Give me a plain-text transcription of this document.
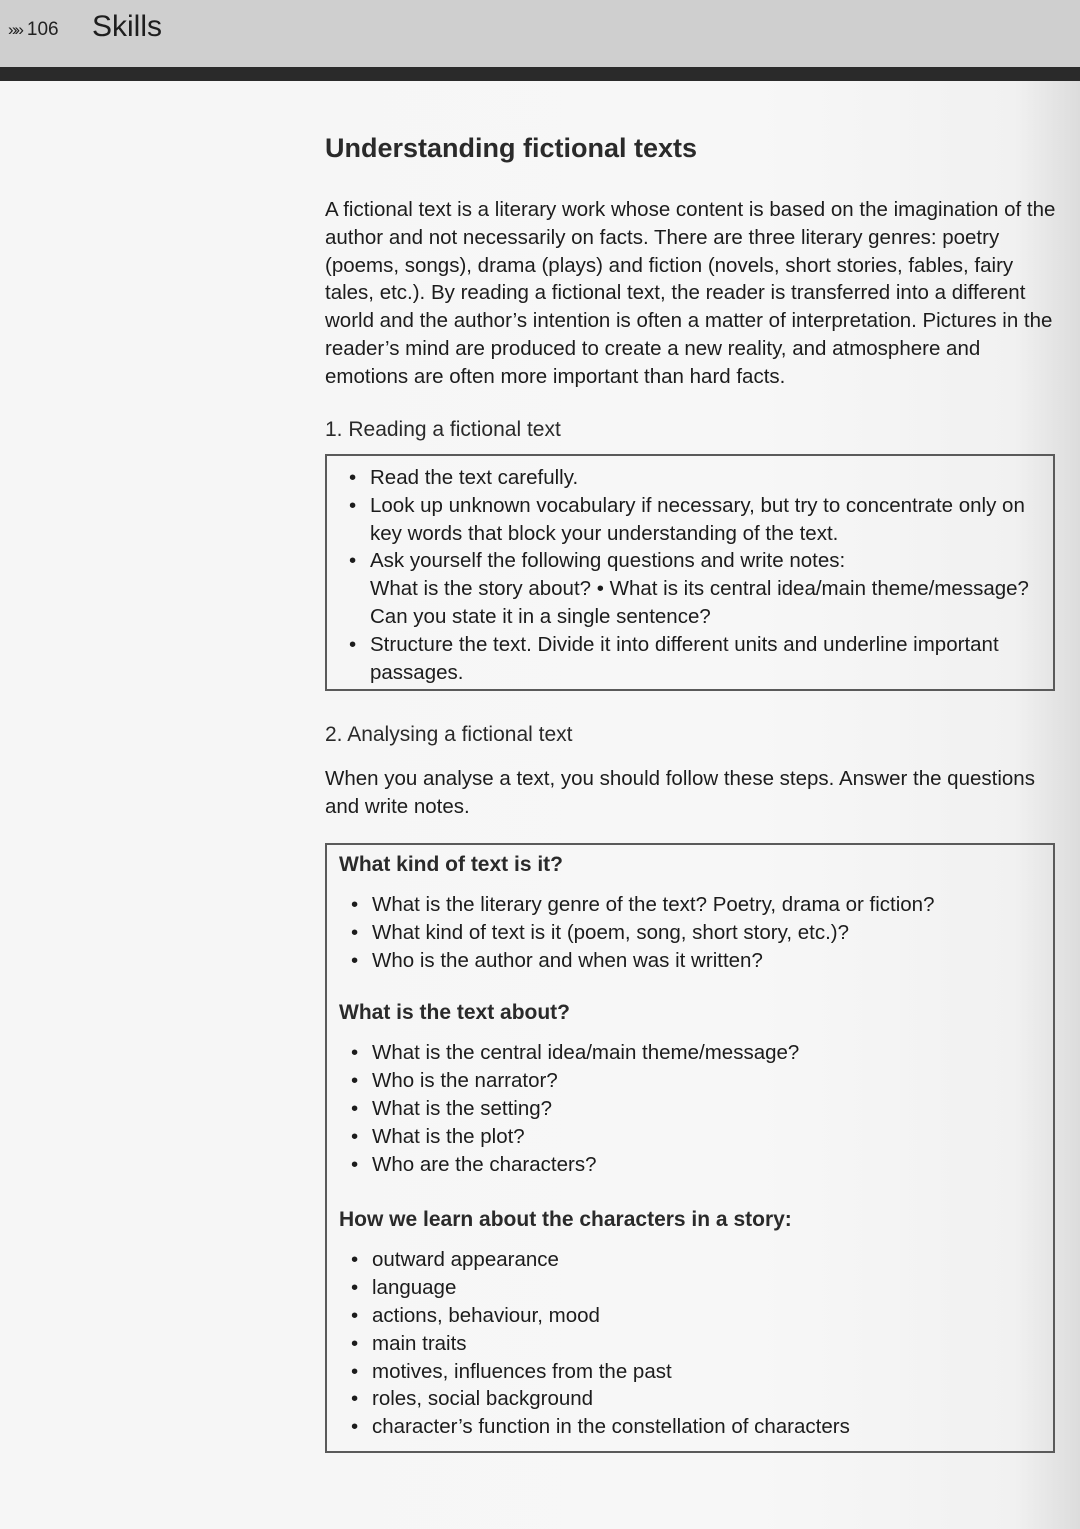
»» 106 Skills
Understanding fictional texts

A fictional text is a literary work whose content is based on the imagination of the author and not necessarily on facts. There are three literary genres: poetry (poems, songs), drama (plays) and fiction (novels, short stories, fables, fairy tales, etc.). By reading a fictional text, the reader is transferred into a different world and the author’s intention is often a matter of interpretation. Pictures in the reader’s mind are produced to create a new reality, and atmosphere and emotions are often more important than hard facts.

1. Reading a fictional text
• Read the text carefully.
• Look up unknown vocabulary if necessary, but try to concentrate only on key words that block your understanding of the text.
• Ask yourself the following questions and write notes:
What is the story about? • What is its central idea/main theme/message? Can you state it in a single sentence?
• Structure the text. Divide it into different units and underline important passages.
2. Analysing a fictional text
When you analyse a text, you should follow these steps. Answer the questions and write notes.
What kind of text is it?
• What is the literary genre of the text? Poetry, drama or fiction?
• What kind of text is it (poem, song, short story, etc.)?
• Who is the author and when was it written?
What is the text about?
• What is the central idea/main theme/message?
• Who is the narrator?
• What is the setting?
• What is the plot?
• Who are the characters?
How we learn about the characters in a story:
• outward appearance
• language
• actions, behaviour, mood
• main traits
• motives, influences from the past
• roles, social background
• character’s function in the constellation of characters
